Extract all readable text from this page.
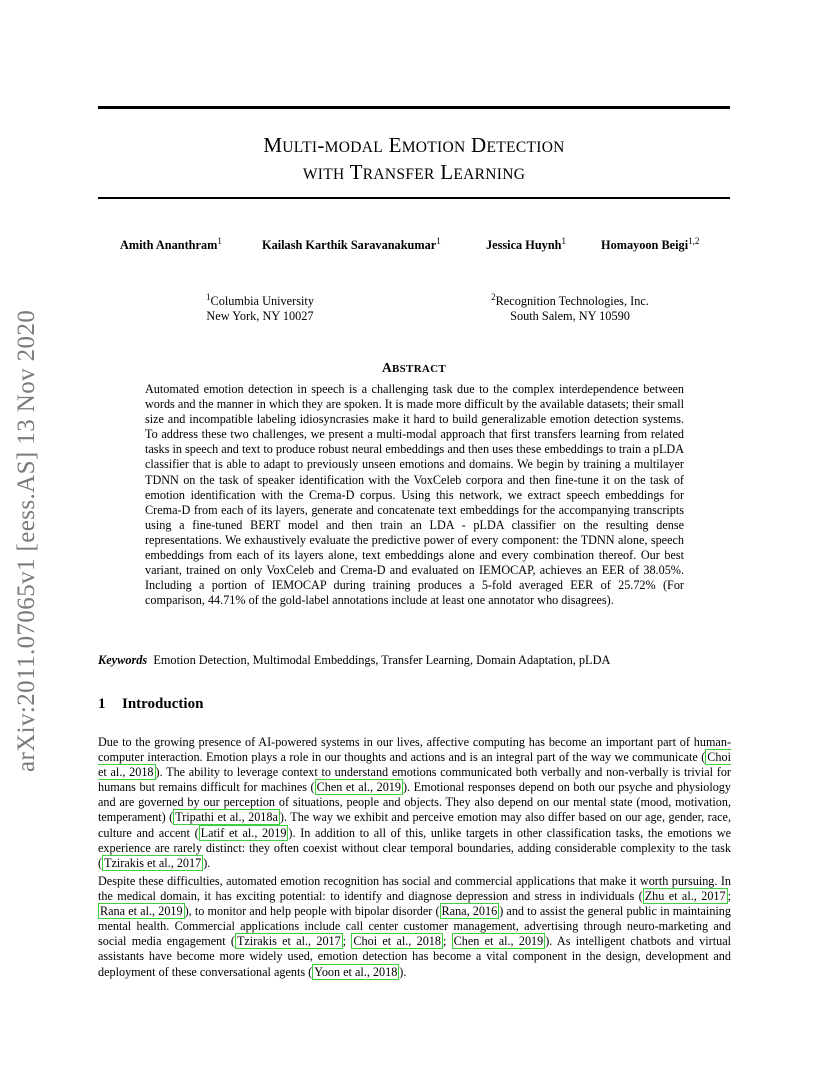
arXiv:2011.07065v1 [eess.AS] 13 Nov 2020
MULTI-MODAL EMOTION DETECTION
WITH TRANSFER LEARNING
Amith Ananthram$^1$	Kailash Karthik Saravanakumar$^1$	Jessica Huynh$^1$	Homayoon Beigi$^{1,2}$
$^1$Columbia University
New York, NY 10027
$^2$Recognition Technologies, Inc.
South Salem, NY 10590
ABSTRACT
Automated emotion detection in speech is a challenging task due to the complex interdependence between words and the manner in which they are spoken. It is made more difficult by the available datasets; their small size and incompatible labeling idiosyncrasies make it hard to build generalizable emotion detection systems. To address these two challenges, we present a multi-modal approach that first transfers learning from related tasks in speech and text to produce robust neural embeddings and then uses these embeddings to train a pLDA classifier that is able to adapt to previously unseen emotions and domains. We begin by training a multilayer TDNN on the task of speaker identification with the VoxCeleb corpora and then fine-tune it on the task of emotion identification with the Crema-D corpus. Using this network, we extract speech embeddings for Crema-D from each of its layers, generate and concatenate text embeddings for the accompanying transcripts using a fine-tuned BERT model and then train an LDA - pLDA classifier on the resulting dense representations. We exhaustively evaluate the predictive power of every component: the TDNN alone, speech embeddings from each of its layers alone, text embeddings alone and every combination thereof. Our best variant, trained on only VoxCeleb and Crema-D and evaluated on IEMOCAP, achieves an EER of 38.05%. Including a portion of IEMOCAP during training produces a 5-fold averaged EER of 25.72% (For comparison, 44.71% of the gold-label annotations include at least one annotator who disagrees).
Keywords Emotion Detection, Multimodal Embeddings, Transfer Learning, Domain Adaptation, pLDA
1 Introduction
Due to the growing presence of AI-powered systems in our lives, affective computing has become an important part of human-computer interaction. Emotion plays a role in our thoughts and actions and is an integral part of the way we communicate ( Choi et al., 2018 ). The ability to leverage context to understand emotions communicated both verbally and non-verbally is trivial for humans but remains difficult for machines ( Chen et al., 2019 ). Emotional responses depend on both our psyche and physiology and are governed by our perception of situations, people and objects. They also depend on our mental state (mood, motivation, temperament) ( Tripathi et al., 2018a ). The way we exhibit and perceive emotion may also differ based on our age, gender, race, culture and accent ( Latif et al., 2019 ). In addition to all of this, unlike targets in other classification tasks, the emotions we experience are rarely distinct: they often coexist without clear temporal boundaries, adding considerable complexity to the task ( Tzirakis et al., 2017 ).
Despite these difficulties, automated emotion recognition has social and commercial applications that make it worth pursuing. In the medical domain, it has exciting potential: to identify and diagnose depression and stress in individuals ( Zhu et al., 2017 ; Rana et al., 2019 ), to monitor and help people with bipolar disorder ( Rana, 2016 ) and to assist the general public in maintaining mental health. Commercial applications include call center customer management, advertising through neuro-marketing and social media engagement ( Tzirakis et al., 2017 ; Choi et al., 2018 ; Chen et al., 2019 ). As intelligent chatbots and virtual assistants have become more widely used, emotion detection has become a vital component in the design, development and deployment of these conversational agents ( Yoon et al., 2018 ).
